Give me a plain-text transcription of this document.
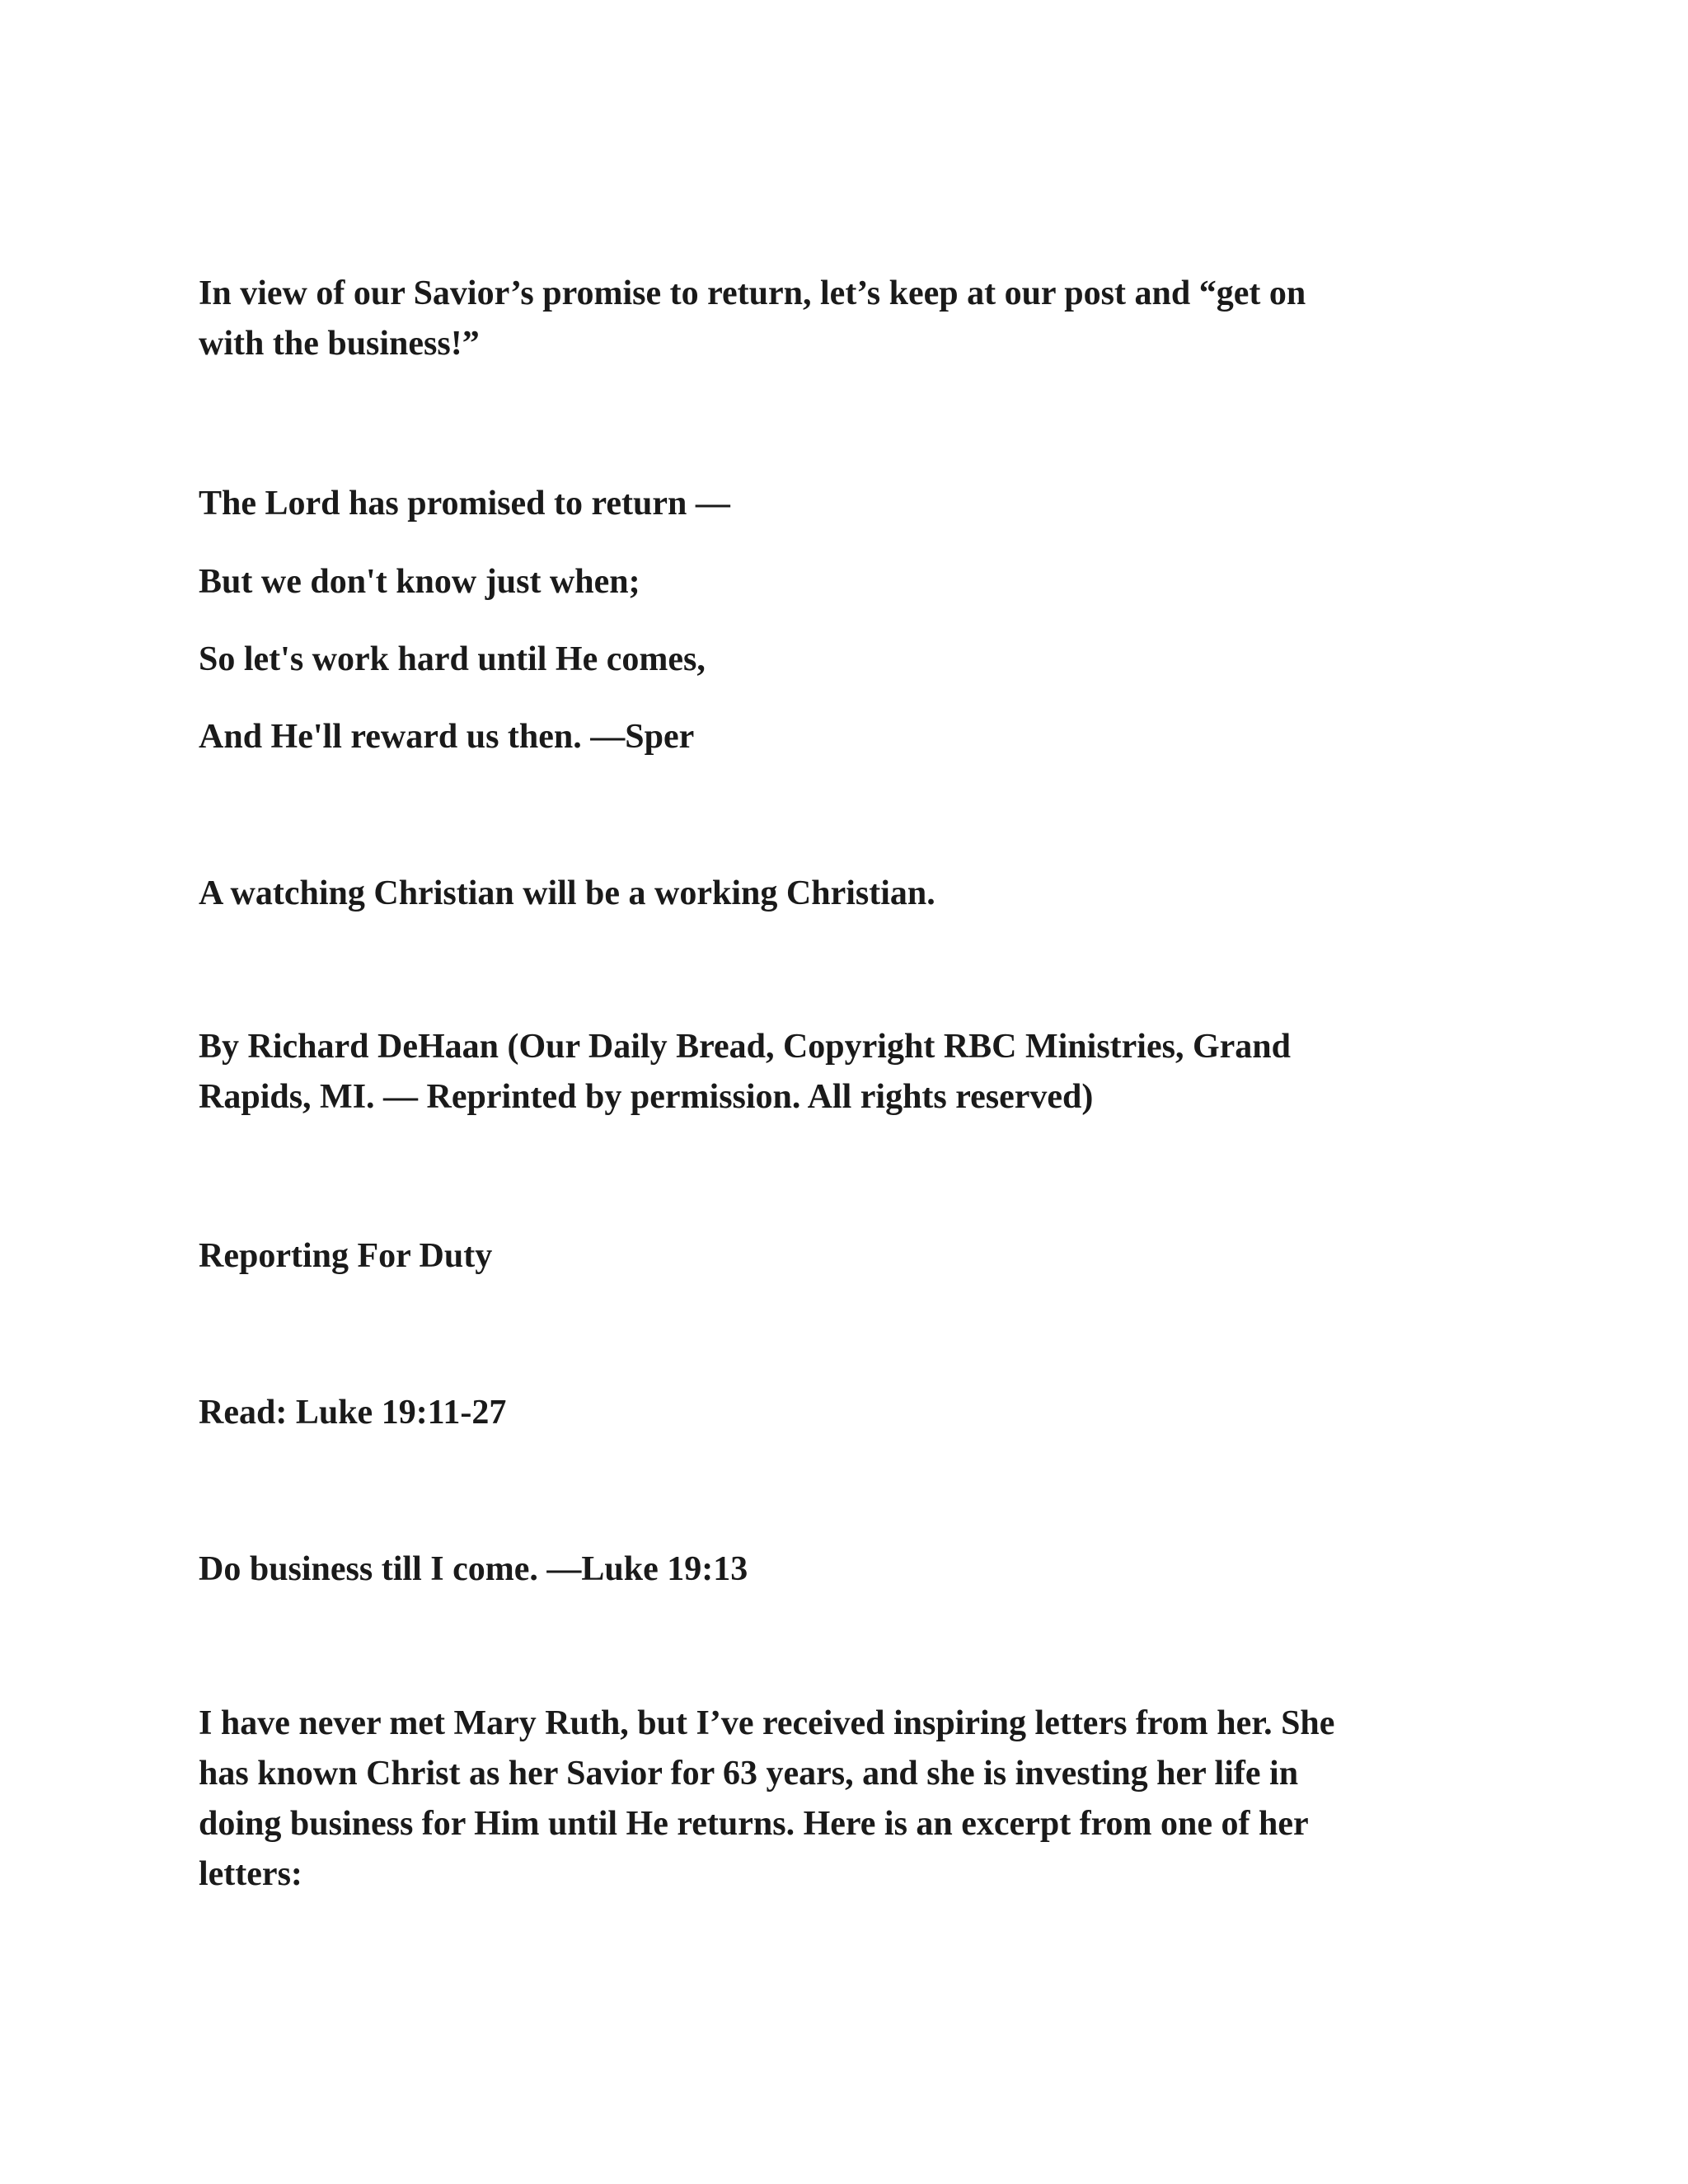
In view of our Savior’s promise to return, let’s keep at our post and “get on
with the business!”
The Lord has promised to return —
But we don't know just when;
So let's work hard until He comes,
And He'll reward us then. —Sper
A watching Christian will be a working Christian.
By Richard DeHaan (Our Daily Bread, Copyright RBC Ministries, Grand
Rapids, MI. — Reprinted by permission. All rights reserved)
Reporting For Duty
Read: Luke 19:11-27
Do business till I come. —Luke 19:13
I have never met Mary Ruth, but I’ve received inspiring letters from her. She
has known Christ as her Savior for 63 years, and she is investing her life in
doing business for Him until He returns. Here is an excerpt from one of her
letters:
